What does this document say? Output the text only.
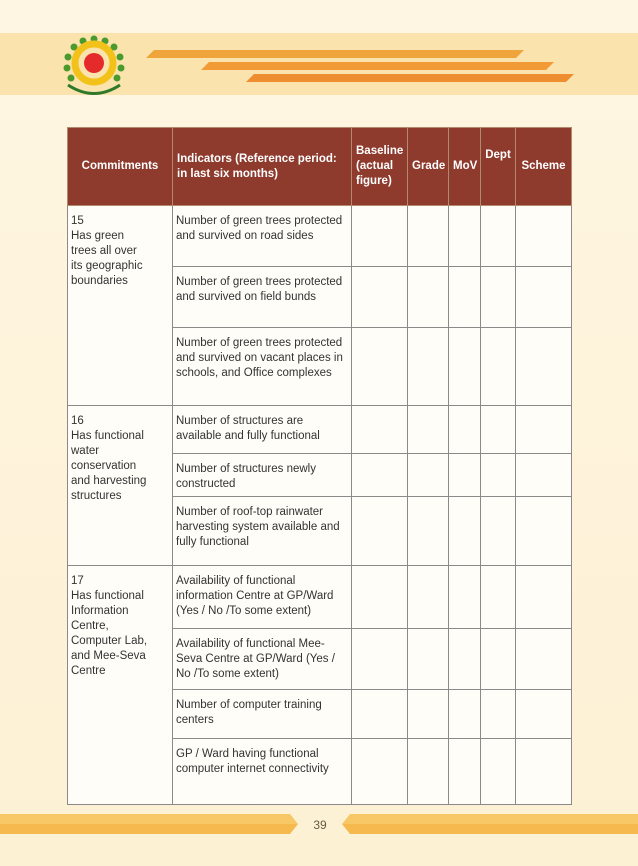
Commitments	Indicators (Reference period: in last six months)	Baseline (actual figure)	Grade	MoV	Dept	Scheme
15Has green trees all over its geographic boundaries	Number of green trees protected and survived on road sides					
	Number of green trees protected and survived on field bunds					
	Number of green trees protected and survived on vacant places in schools, and Office complexes					
16Has functional water conservation and harvesting structures	Number of structures are available and fully functional					
	Number of structures newly constructed					
	Number of roof-top rainwater harvesting system available and fully functional					
17Has functional Information Centre, Computer Lab, and Mee-Seva Centre	Availability of functional information Centre at GP/Ward (Yes / No /To some extent)					
	Availability of functional Mee-Seva Centre at GP/Ward (Yes / No /To some extent)					
	Number of computer training centers					
	GP / Ward having functional computer internet connectivity					
39
